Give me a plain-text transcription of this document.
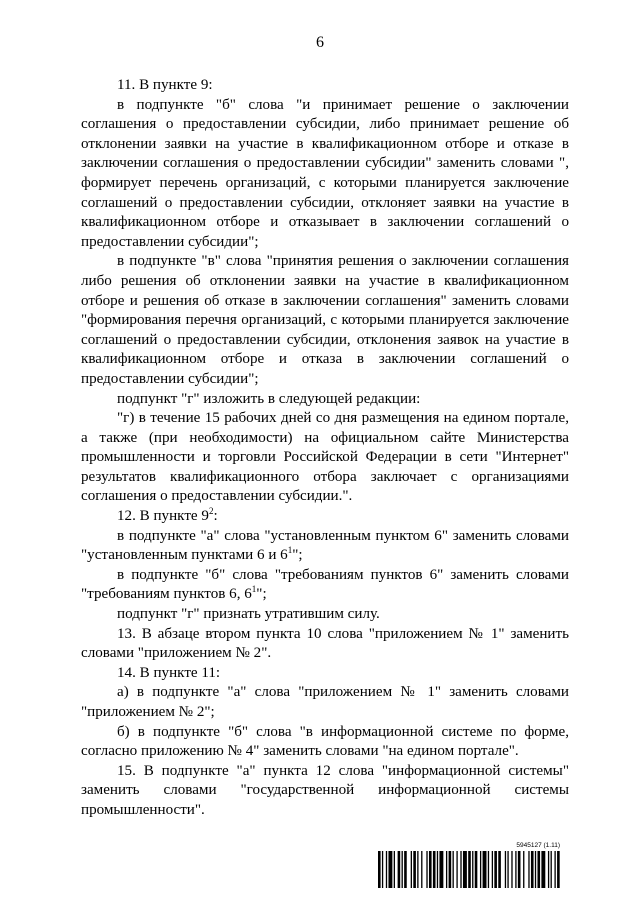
6

11. В пункте 9:

в подпункте "б" слова "и принимает решение о заключении соглашения о предоставлении субсидии, либо принимает решение об отклонении заявки на участие в квалификационном отборе и отказе в заключении соглашения о предоставлении субсидии" заменить словами ", формирует перечень организаций, с которыми планируется заключение соглашений о предоставлении субсидии, отклоняет заявки на участие в квалификационном отборе и отказывает в заключении соглашений о предоставлении субсидии";

в подпункте "в" слова "принятия решения о заключении соглашения либо решения об отклонении заявки на участие в квалификационном отборе и решения об отказе в заключении соглашения" заменить словами "формирования перечня организаций, с которыми планируется заключение соглашений о предоставлении субсидии, отклонения заявок на участие в квалификационном отборе и отказа в заключении соглашений о предоставлении субсидии";

подпункт "г" изложить в следующей редакции:

"г) в течение 15 рабочих дней со дня размещения на едином портале, а также (при необходимости) на официальном сайте Министерства промышленности и торговли Российской Федерации в сети "Интернет" результатов квалификационного отбора заключает с организациями соглашения о предоставлении субсидии.".

12. В пункте $9^2$:

в подпункте "а" слова "установленным пунктом 6" заменить словами "установленным пунктами 6 и $6^1$";

в подпункте "б" слова "требованиям пунктов 6" заменить словами "требованиям пунктов 6, $6^1$";

подпункт "г" признать утратившим силу.

13. В абзаце втором пункта 10 слова "приложением № 1" заменить словами "приложением № 2".

14. В пункте 11:

а) в подпункте "а" слова "приложением № 1" заменить словами "приложением № 2";

б) в подпункте "б" слова "в информационной системе по форме, согласно приложению № 4" заменить словами "на едином портале".

15. В подпункте "а" пункта 12 слова "информационной системы" заменить словами "государственной информационной системы промышленности".

5945127 (1.11)
